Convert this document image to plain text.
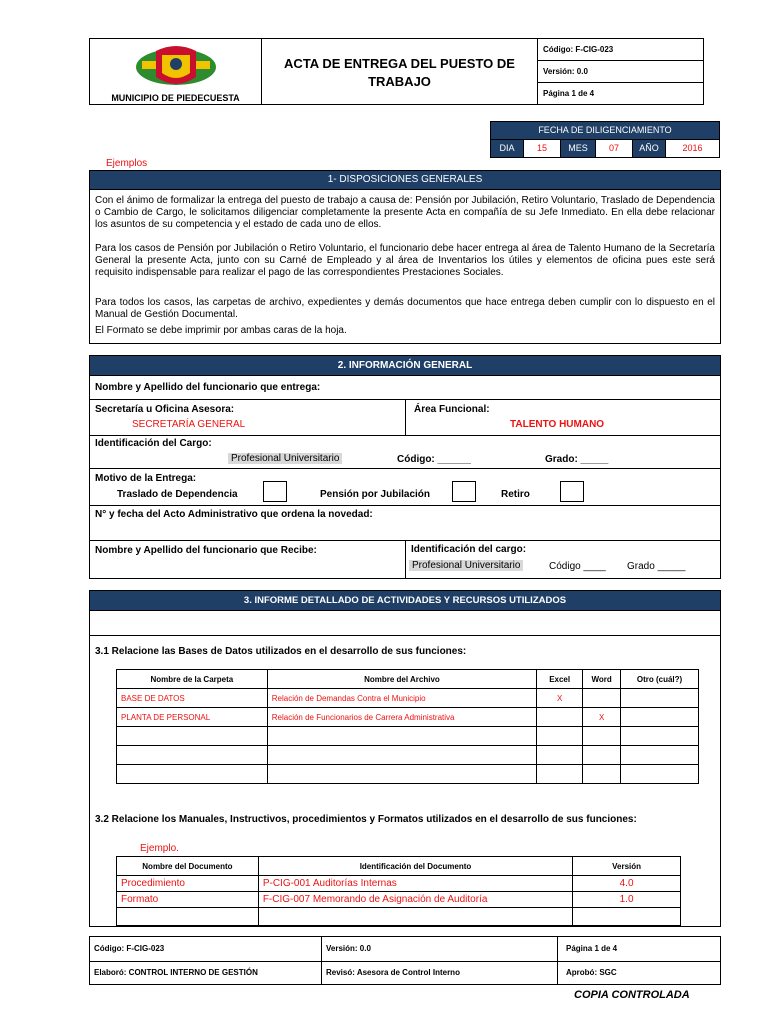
MUNICIPIO DE PIEDECUESTA
ACTA DE ENTREGA DEL PUESTO DE TRABAJO
Código: F-CIG-023
Versión: 0.0
Página 1 de 4
FECHA DE DILIGENCIAMIENTO
DIA	15	MES	07	AÑO	2016
Ejemplos
1- DISPOSICIONES GENERALES
Con el ánimo de formalizar la entrega del puesto de trabajo a causa de: Pensión por Jubilación, Retiro Voluntario, Traslado de Dependencia o Cambio de Cargo, le solicitamos diligenciar completamente la presente Acta en compañía de su Jefe Inmediato. En ella debe relacionar los asuntos de su competencia y el estado de cada uno de ellos.
Para los casos de Pensión por Jubilación o Retiro Voluntario, el funcionario debe hacer entrega al área de Talento Humano de la Secretaría General la presente Acta, junto con su Carné de Empleado y al área de Inventarios los útiles y elementos de oficina pues este será requisito indispensable para realizar el pago de las correspondientes Prestaciones Sociales.
Para todos los casos, las carpetas de archivo, expedientes y demás documentos que hace entrega deben cumplir con lo dispuesto en el Manual de Gestión Documental.
El Formato se debe imprimir por ambas caras de la hoja.
2. INFORMACIÓN GENERAL
Nombre y Apellido del funcionario que entrega:
Secretaría u Oficina Asesora:
SECRETARÍA GENERAL
Área Funcional:
TALENTO HUMANO
Identificación del Cargo:
Profesional Universitario	Código: ______	Grado: _____
Motivo de la Entrega:
Traslado de Dependencia	Pensión por Jubilación	Retiro
N° y fecha del Acto Administrativo que ordena la novedad:
Nombre y Apellido del funcionario que Recibe:	Identificación del cargo:
Profesional Universitario	Código ____ Grado _____
3. INFORME DETALLADO DE ACTIVIDADES Y RECURSOS UTILIZADOS
3.1 Relacione las Bases de Datos utilizados en el desarrollo de sus funciones:
3.2 Relacione los Manuales, Instructivos, procedimientos y Formatos utilizados en el desarrollo de sus funciones:
Ejemplo.
Nombre de la Carpeta	Nombre del Archivo	Excel	Word	Otro (cuál?)
BASE DE DATOS	Relación de Demandas Contra el Municipio	X		
PLANTA DE PERSONAL	Relación de Funcionarios de Carrera Administrativa		X	

Nombre del Documento	Identificación del Documento	Versión
Procedimiento	P-CIG-001 Auditorías Internas	4.0
Formato	F-CIG-007 Memorando de Asignación de Auditoría	1.0

Código: F-CIG-023	Versión: 0.0	Página 1 de 4
Elaboró: CONTROL INTERNO DE GESTIÓN	Revisó: Asesora de Control Interno	Aprobó: SGC
COPIA CONTROLADA
